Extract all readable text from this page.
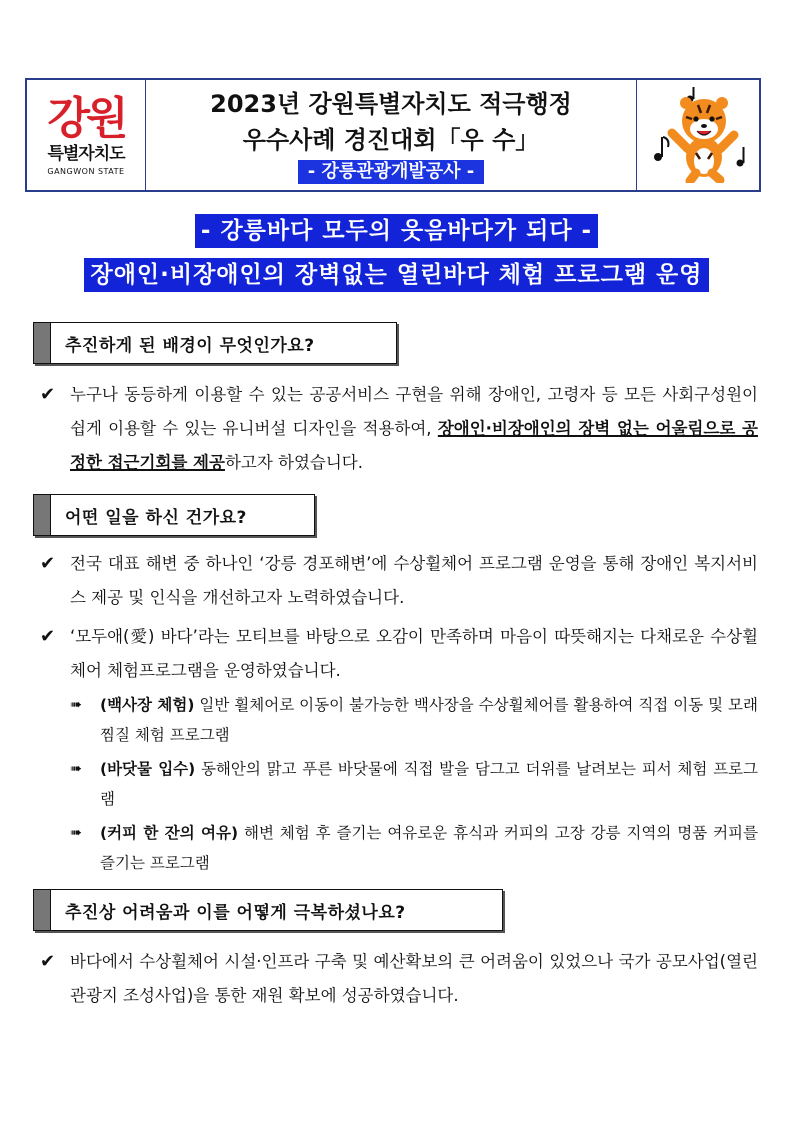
강원
특별자치도
GANGWON STATE
2023년 강원특별자치도 적극행정
우수사례 경진대회「우 수」
- 강릉관광개발공사 -
- 강릉바다 모두의 웃음바다가 되다 -
장애인·비장애인의 장벽없는 열린바다 체험 프로그램 운영
추진하게 된 배경이 무엇인가요?
✔ 누구나 동등하게 이용할 수 있는 공공서비스 구현을 위해 장애인, 고령자 등 모든 사회구성원이 쉽게 이용할 수 있는 유니버설 디자인을 적용하여, 장애인·비장애인의 장벽 없는 어울림으로 공정한 접근기회를 제공하고자 하였습니다.
어떤 일을 하신 건가요?
✔ 전국 대표 해변 중 하나인 ‘강릉 경포해변’에 수상휠체어 프로그램 운영을 통해 장애인 복지서비스 제공 및 인식을 개선하고자 노력하였습니다.
✔ ‘모두애(愛) 바다’라는 모티브를 바탕으로 오감이 만족하며 마음이 따뜻해지는 다채로운 수상휠체어 체험프로그램을 운영하였습니다.
➠ (백사장 체험) 일반 휠체어로 이동이 불가능한 백사장을 수상휠체어를 활용하여 직접 이동 및 모래찜질 체험 프로그램
➠ (바닷물 입수) 동해안의 맑고 푸른 바닷물에 직접 발을 담그고 더위를 날려보는 피서 체험 프로그램
➠ (커피 한 잔의 여유) 해변 체험 후 즐기는 여유로운 휴식과 커피의 고장 강릉 지역의 명품 커피를 즐기는 프로그램
추진상 어려움과 이를 어떻게 극복하셨나요?
✔ 바다에서 수상휠체어 시설·인프라 구축 및 예산확보의 큰 어려움이 있었으나 국가 공모사업(열린관광지 조성사업)을 통한 재원 확보에 성공하였습니다.
